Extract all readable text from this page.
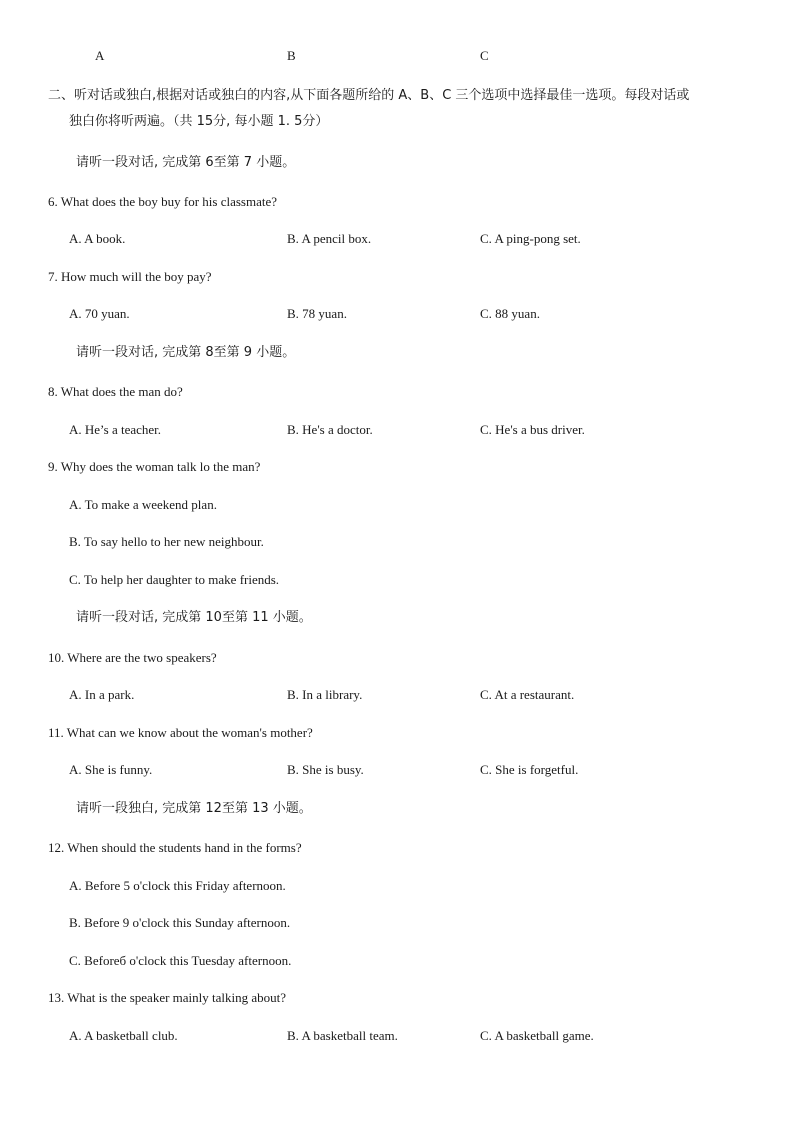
A	B	C
二、听对话或独白,根据对话或独白的内容,从下面各题所给的 A、B、C 三个选项中选择最佳一选项。每段对话或
独白你将听两遍。（共 15分, 每小题 1. 5分）
请听一段对话, 完成第 6至第 7 小题。
6. What does the boy buy for his classmate?
A. A book.	B. A pencil box.	C. A ping-pong set.
7. How much will the boy pay?
A. 70 yuan.	B. 78 yuan.	C. 88 yuan.
请听一段对话, 完成第 8至第 9 小题。
8. What does the man do?
A. He’s a teacher.	B. He's a doctor.	C. He's a bus driver.
9. Why does the woman talk lo the man?
A. To make a weekend plan.
B. To say hello to her new neighbour.
C. To help her daughter to make friends.
请听一段对话, 完成第 10至第 11 小题。
10. Where are the two speakers?
A. In a park.	B. In a library.	C. At a restaurant.
11. What can we know about the woman's mother?
A. She is funny.	B. She is busy.	C. She is forgetful.
请听一段独白, 完成第 12至第 13 小题。
12. When should the students hand in the forms?
A. Before 5 o'clock this Friday afternoon.
B. Before 9 o'clock this Sunday afternoon.
C. Beforeб o'clock this Tuesday afternoon.
13. What is the speaker mainly talking about?
A. A basketball club.	B. A basketball team.	C. A basketball game.
